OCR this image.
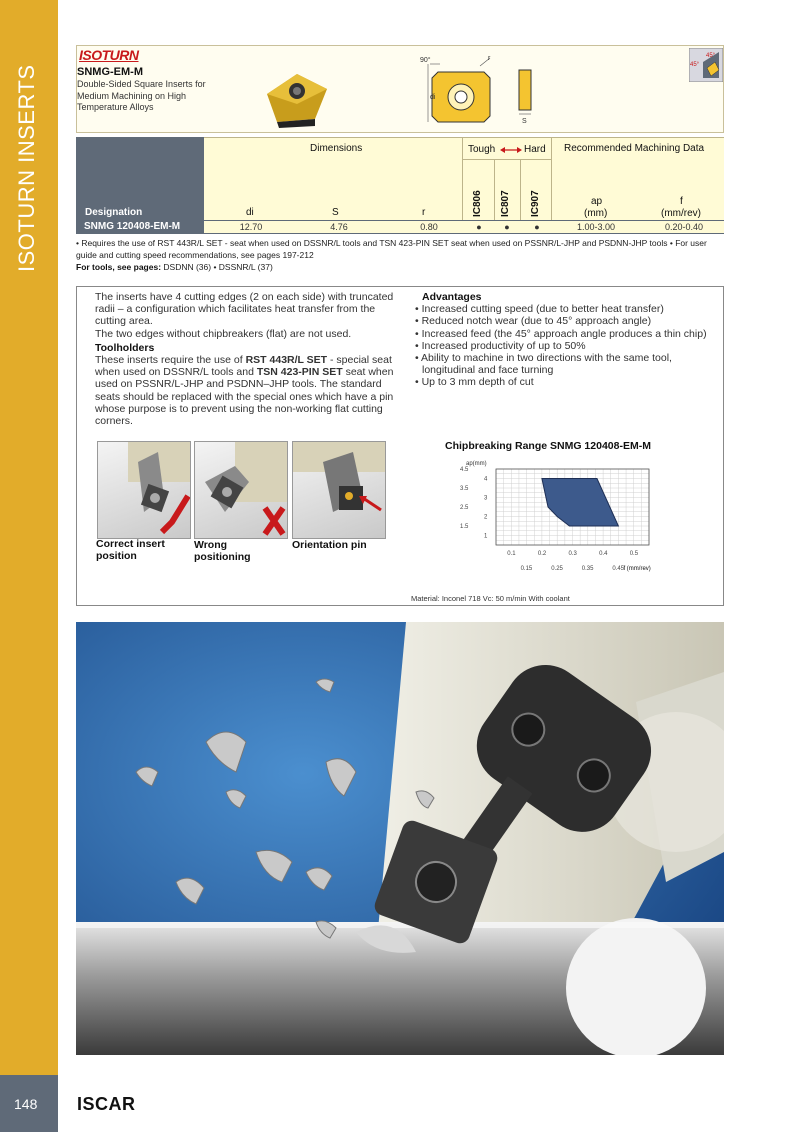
ISOTURN INSERTS
148 ISCAR
ISOTURN
SNMG-EM-M
Double-Sided Square Inserts for Medium Machining on High Temperature Alloys
90°	r
di
S
45°
45°
Dimensions	Tough	Hard Recommended Machining Data
Designation	di	S	r	IC806 IC807 IC907	ap
(mm)
f
(mm/rev)
SNMG 120408-EM-M	12.70	4.76	0.80	●	●	●	1.00-3.00	0.20-0.40
• Requires the use of RST 443R/L SET - seat when used on DSSNR/L tools and TSN 423-PIN SET seat when used on PSSNR/L-JHP and PSDNN-JHP tools • For user guide and cutting speed recommendations, see pages 197-212
For tools, see pages: DSDNN (36) • DSSNR/L (37)
The inserts have 4 cutting edges (2 on each side) with truncated radii – a configuration which facilitates heat transfer from the cutting area.
The two edges without chipbreakers (flat) are not used.
Toolholders
These inserts require the use of RST 443R/L SET - special seat when used on DSSNR/L tools and TSN 423-PIN SET seat when used on PSSNR/L-JHP and PSDNN–JHP tools. The standard seats should be replaced with the special ones which have a pin whose purpose is to prevent using the non-working flat cutting corners.
Advantages
• Increased cutting speed (due to better heat transfer)
• Reduced notch wear (due to 45° approach angle)
• Increased feed (the 45° approach angle produces a thin chip)
• Increased productivity of up to 50%
• Ability to machine in two directions with the same tool, longitudinal and face turning
• Up to 3 mm depth of cut
Correct insert position
Wrong positioning
Orientation pin
Chipbreaking Range SNMG 120408-EM-M
ap(mm)
1.5
2.5
3.5
4.5
1
2
3
4
0.1	0.2	0.3	0.4	0.5
0.15	0.25	0.35	0.45 f (mm/rev)
Material: Inconel 718 Vc: 50 m/min With coolant
